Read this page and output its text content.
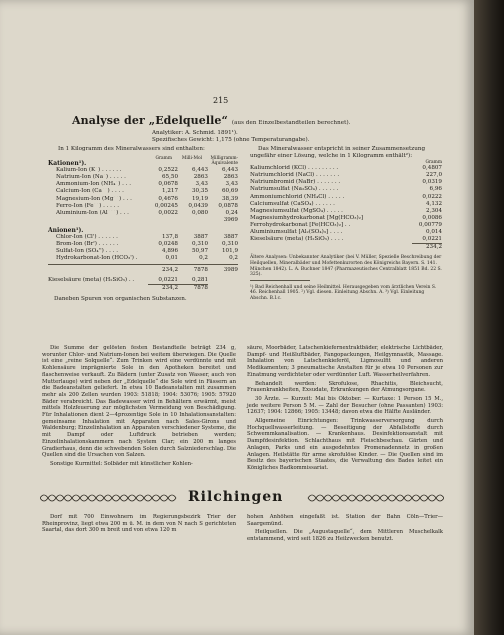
215
Analyse der „Edelquelle“ (aus den Einzelbestandteilen berechnet).
Analytiker: A. Schmid. 1891¹).
Spezifisches Gewicht: 1,175 (ohne Temperaturangabe).
In 1 Kilogramm des Mineralwassers sind enthalten:
Gramm	Milli-Mol	Milligramm-Äquivalente
Kationen¹).
Kalium-Ion (K˙) . . . . . .	0,2522	6,443	6,443
Natrium-Ion (Na˙) . . . . .	65,50	2863	2863
Ammonium-Ion (NH₄˙) . . .	0,0678	3,43	3,43
Calcium-Ion (Ca˙˙) . . . .	1,217	30,35	60,69
Magnesium-Ion (Mg˙˙) . . .	0,4676	19,19	38,39
Ferro-Ion (Fe˙˙) . . . . .	0,00245	0,0439	0,0878
Aluminium-Ion (Al˙˙˙) . . .	0,0022	0,080	0,24
3969
Anionen¹).
Chlor-Ion (Cl') . . . . . .	137,8	3887	3887
Brom-Ion (Br') . . . . . .	0,0248	0,310	0,310
Sulfat-Ion (SO₄'') . . . .	4,896	50,97	101,9
Hydrokarbonat-Ion (HCO₃') .	0,01	0,2	0,2
234,2	7878	3989
Kieselsäure (meta) (H₂SiO₃) . .	0,0221	0,281
234,2	7878
Daneben Spuren von organischen Substanzen.
Das Mineralwasser entspricht in seiner Zusammensetzung ungefähr einer Lösung, welche in 1 Kilogramm enthält²):
Gramm
Kaliumchlorid (KCl) . . . . . . . . .	0,4807
Natriumchlorid (NaCl) . . . . . . .	227,0
Natriumbromid (NaBr) . . . . . . .	0,0319
Natriumsulfat (Na₂SO₄) . . . . . .	6,96
Ammoniumchlorid (NH₄Cl) . . . . .	0,0222
Calciumsulfat (CaSO₄) . . . . . .	4,132
Magnesiumsulfat (MgSO₄) . . . . .	2,304
Magnesiumhydrokarbonat [Mg(HCO₃)₂]	0,0086
Ferrohydrokarbonat [Fe(HCO₃)₂] . .	0,00779
Aluminiumsulfat [Al₂(SO₄)₃] . . . .	0,014
Kieselsäure (meta) (H₂SiO₃) . . . .	0,0221
234,2
Ältere Analysen: Unbekannter Analytiker (bei V. Müller, Spezielle Beschreibung der Heilquellen, Mineralbäder und Mofettenkurorten des Königreichs Bayern. S. 141. München 1842). L. A. Buchner 1847 (Pharmazeutisches Centralblatt 1851 Bd. 22 S. 325).
¹) Bad Reichenhall und seine Heilmittel. Herausgegeben vom ärztlichen Verein S. 46. Reichenhall 1905. ²) Vgl. diesen. Einleitung Abschn. A. ³) Vgl. Einleitung Abschn. B.I.c.

Die Summe der gelösten festen Bestandteile beträgt 234 g, worunter Chlor- und Natrium-Ionen bei weitem überwiegen. Die Quelle ist eine „reine Solquelle“. Zum Trinken wird eine verdünnte und mit Kohlensäure imprägnierte Sole in den Apotheken bereitet und flaschenweise verkauft. Zu Bädern (unter Zusatz von Wasser, auch von Mutterlauge) wird neben der „Edelquelle“ die Sole wird in Fässern an die Badeanstalten geliefert. In etwa 10 Badeanstalten mit zusammen mehr als 200 Zellen wurden 1903: 51818; 1904: 53076; 1905: 57920 Bäder verabreicht. Das Badewasser wird in Behältern erwärmt, meist mittels Holzfeuerung zur möglichsten Vermeidung von Beschädigung. Für Inhalationen dient 2—4prozentige Sole in 10 Inhalationsanstalten: gemeinsame Inhalation mit Apparaten nach Sales-Girons und Waldenburg; Einzelinhalation an Apparaten verschiedener Systeme, die mit Dampf oder Luftdruck betrieben werden; Einzelinhalationskammern nach System Clar; ein 200 m langes Gradierhaus, denn die schwebenden Solen durch Salzniederschlag. Die Quellen sind die Ursachen von Salzen.

Sonstige Kurmittel: Solbäder mit künstlicher Kohlen-

säure, Moorbäder, Latschenkiefernextraktbäder, elektrische Lichtbäder, Dampf- und Heißluftbäder, Fangopackungen, Heilgymnastik, Massage. Inhalation von Latschenkieferöl, Ligmosulfit und anderen Medikamenten; 3 pneumatische Anstalten für je etwa 10 Personen zur Einatmung verdichteter oder verdünnter Luft. Wasserheilverfahren.

Behandelt werden: Skrofulose, Rhachitis, Bleichsucht, Frauenkrankheiten, Exsudate, Erkrankungen der Atmungsorgane.

30 Ärzte. — Kurzeit: Mai bis Oktober. — Kurtaxe: 1 Person 15 M., jede weitere Person 5 M. — Zahl der Besucher (ohne Passanten) 1903: 12637; 1904: 12866; 1905: 13448; davon etwa die Hälfte Ausländer.

Allgemeine Einrichtungen: Trinkwasserversorgung durch Hochquellwasserleitung. — Beseitigung der Abfallstoffe durch Schwemmkanalisation. — Krankenhaus. Desinfektionsanstalt mit Dampfdesinfektion. Schlachthaus mit Fleischbeschau. Gärten und Anlagen, Parks und ein ausgedehntes Promenadennetz in großen Anlagen. Heilstätte für arme skrofulöse Kinder. — Die Quellen sind im Besitz des bayerischen Staates, die Verwaltung des Bades leitet ein Königliches Badkommissariat.

Rilchingen

Dorf mit 700 Einwohnern im Regierungsbezirk Trier der Rheinprovinz, liegt etwa 200 m ü. M. in dem von N nach S gerichteten Saartal, das dort 300 m breit und von etwa 120 m

hohen Anhöhen eingefaßt ist. Station der Bahn Cöln—Trier—Saargemünd.

Heilquellen. Die „Augustaquelle“, dem Mittleren Muschelkalk entstammend, wird seit 1826 zu Heilzwecken benutzt.
